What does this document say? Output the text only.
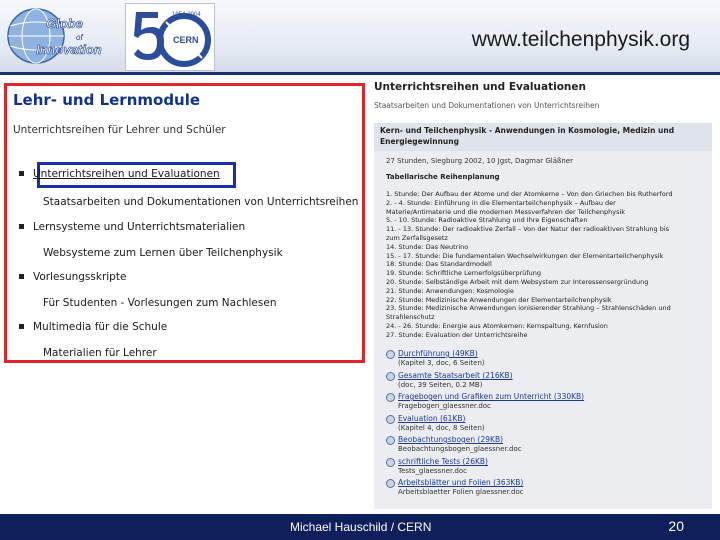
Globe
of
Innovation
1954-2004
CERN	www.teilchenphysik.org
Lehr- und Lernmodule
Unterrichtsreihen für Lehrer und Schüler
Unterrichtsreihen und Evaluationen
Staatsarbeiten und Dokumentationen von Unterrichtsreihen
Lernsysteme und Unterrichtsmaterialien
Websysteme zum Lernen über Teilchenphysik
Vorlesungsskripte
Für Studenten - Vorlesungen zum Nachlesen
Multimedia für die Schule
Materialien für Lehrer
Unterrichtsreihen und Evaluationen
Staatsarbeiten und Dokumentationen von Unterrichtsreihen
Kern- und Teilchenphysik - Anwendungen in Kosmologie, Medizin und Energiegewinnung
27 Stunden, Siegburg 2002, 10 Jgst, Dagmar Gläßner
Tabellarische Reihenplanung
1. Stunde: Der Aufbau der Atome und der Atomkerne – Von den Griechen bis Rutherford
2. - 4. Stunde: Einführung in die Elementarteilchenphysik – Aufbau der
Materie/Antimaterie und die modernen Messverfahren der Teilchenphysik
5. - 10. Stunde: Radioaktive Strahlung und Ihre Eigenschaften
11. - 13. Stunde: Der radioaktive Zerfall – Von der Natur der radioaktiven Strahlung bis
zum Zerfallsgesetz
14. Stunde: Das Neutrino
15. - 17. Stunde: Die fundamentalen Wechselwirkungen der Elementarteilchenphysik
18. Stunde: Das Standardmodell
19. Stunde: Schriftliche Lernerfolgsüberprüfung
20. Stunde: Selbständige Arbeit mit dem Websystem zur Interessensergründung
21. Stunde: Anwendungen: Kosmologie
22. Stunde: Medizinische Anwendungen der Elementarteilchenphysik
23. Stunde: Medizinische Anwendungen ionisierender Strahlung – Strahlenschäden und
Strahlenschutz
24. - 26. Stunde: Energie aus Atomkernen: Kernspaltung, Kernfusion
27. Stunde: Evaluation der Unterrichtsreihe
Durchführung (49KB)
(Kapitel 3, doc, 6 Seiten)
Gesamte Staatsarbeit (216KB)
(doc, 39 Seiten, 0.2 MB)
Fragebogen und Grafiken zum Unterricht (330KB)
Fragebogen_glaessner.doc
Evaluation (61KB)
(Kapitel 4, doc, 8 Seiten)
Beobachtungsbogen (29KB)
Beobachtungsbogen_glaessner.doc
schriftliche Tests (26KB)
Tests_glaessner.doc
Arbeitsblätter und Folien (363KB)
Arbeitsblaetter Folien glaessner.doc
Michael Hauschild / CERN	20
